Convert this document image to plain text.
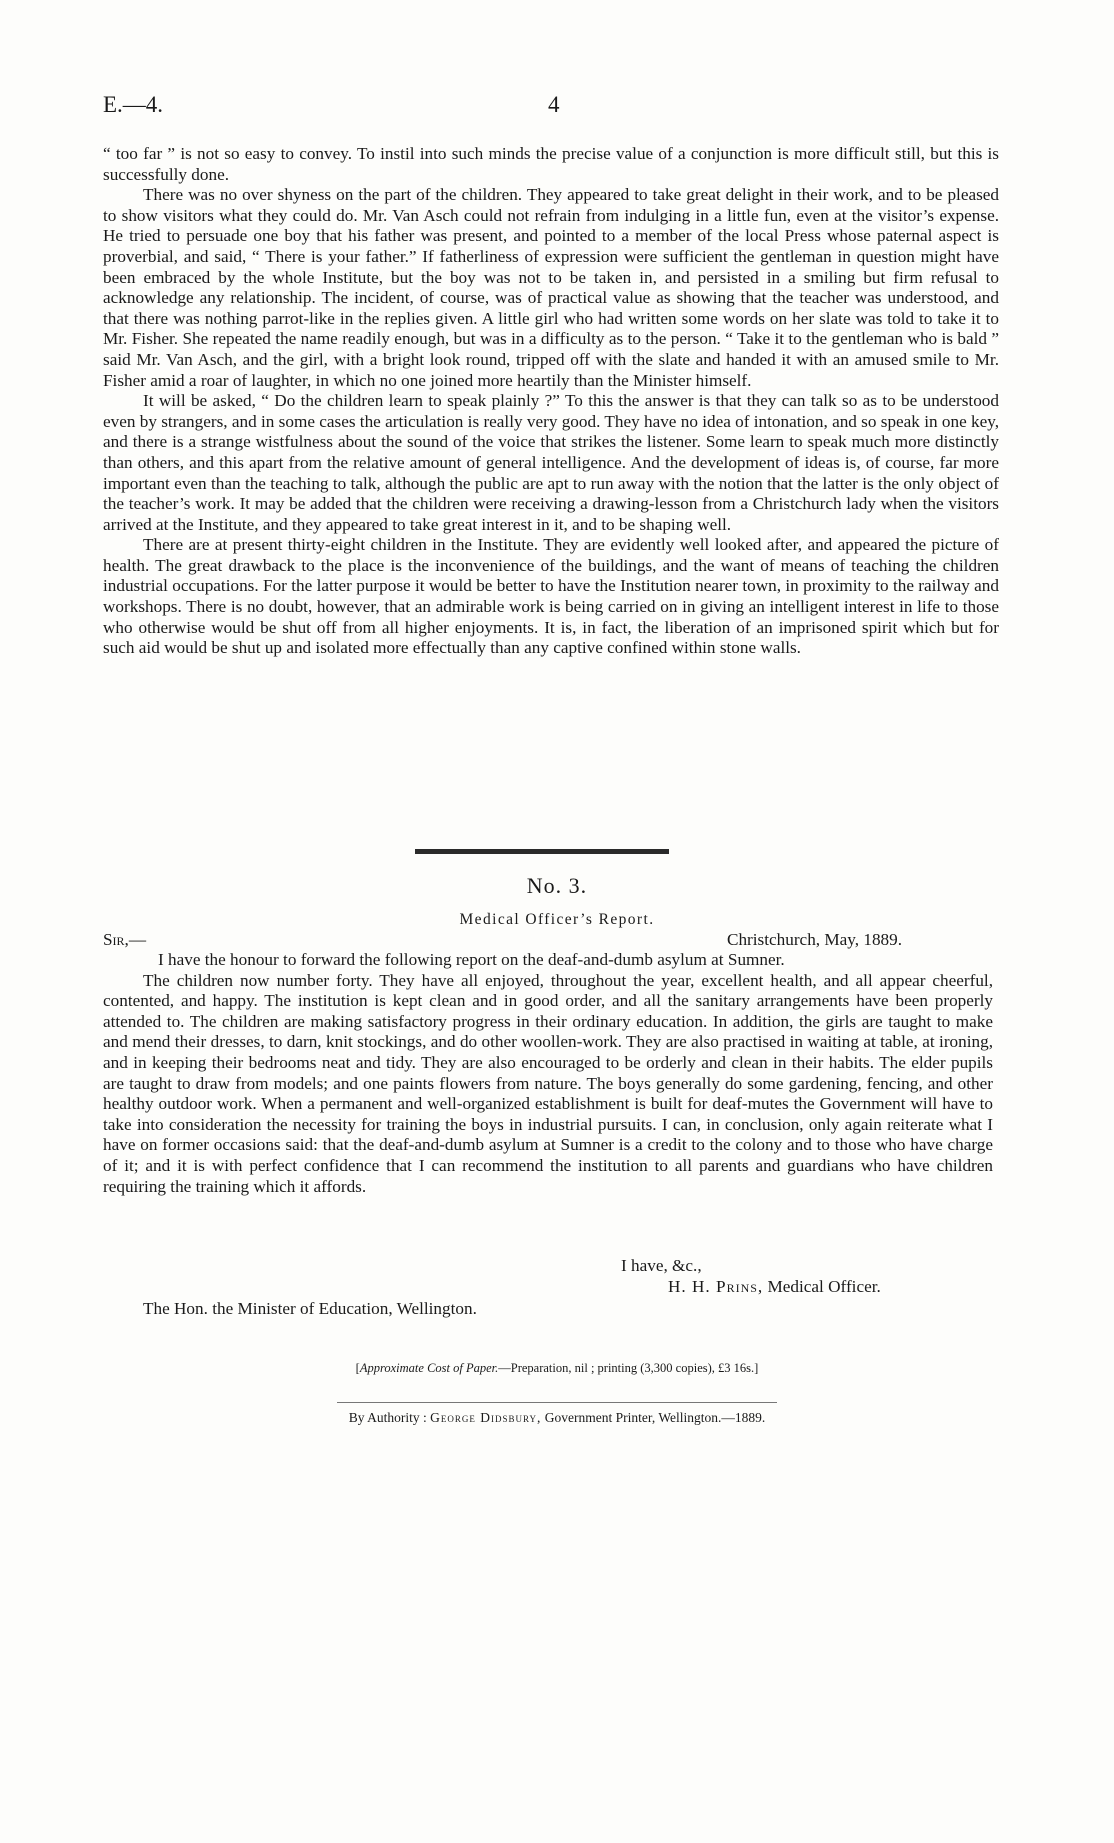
E.—4.	4

“ too far ” is not so easy to convey. To instil into such minds the precise value of a conjunction is more difficult still, but this is successfully done.

There was no over shyness on the part of the children. They appeared to take great delight in their work, and to be pleased to show visitors what they could do. Mr. Van Asch could not refrain from indulging in a little fun, even at the visitor’s expense. He tried to persuade one boy that his father was present, and pointed to a member of the local Press whose paternal aspect is proverbial, and said, “ There is your father.” If fatherliness of expression were sufficient the gentleman in question might have been embraced by the whole Institute, but the boy was not to be taken in, and persisted in a smiling but firm refusal to acknowledge any relationship. The incident, of course, was of practical value as showing that the teacher was understood, and that there was nothing parrot-like in the replies given. A little girl who had written some words on her slate was told to take it to Mr. Fisher. She repeated the name readily enough, but was in a difficulty as to the person. “ Take it to the gentleman who is bald ” said Mr. Van Asch, and the girl, with a bright look round, tripped off with the slate and handed it with an amused smile to Mr. Fisher amid a roar of laughter, in which no one joined more heartily than the Minister himself.

It will be asked, “ Do the children learn to speak plainly ?” To this the answer is that they can talk so as to be understood even by strangers, and in some cases the articulation is really very good. They have no idea of intonation, and so speak in one key, and there is a strange wistfulness about the sound of the voice that strikes the listener. Some learn to speak much more distinctly than others, and this apart from the relative amount of general intelligence. And the development of ideas is, of course, far more important even than the teaching to talk, although the public are apt to run away with the notion that the latter is the only object of the teacher’s work. It may be added that the children were receiving a drawing-lesson from a Christchurch lady when the visitors arrived at the Institute, and they appeared to take great interest in it, and to be shaping well.

There are at present thirty-eight children in the Institute. They are evidently well looked after, and appeared the picture of health. The great drawback to the place is the inconvenience of the buildings, and the want of means of teaching the children industrial occupations. For the latter purpose it would be better to have the Institution nearer town, in proximity to the railway and workshops. There is no doubt, however, that an admirable work is being carried on in giving an intelligent interest in life to those who otherwise would be shut off from all higher enjoyments. It is, in fact, the liberation of an imprisoned spirit which but for such aid would be shut up and isolated more effectually than any captive confined within stone walls.

No. 3.
Medical Officer’s Report.
Sir,—	Christchurch, May, 1889.

I have the honour to forward the following report on the deaf-and-dumb asylum at Sumner.

The children now number forty. They have all enjoyed, throughout the year, excellent health, and all appear cheerful, contented, and happy. The institution is kept clean and in good order, and all the sanitary arrangements have been properly attended to. The children are making satisfactory progress in their ordinary education. In addition, the girls are taught to make and mend their dresses, to darn, knit stockings, and do other woollen-work. They are also practised in waiting at table, at ironing, and in keeping their bedrooms neat and tidy. They are also encouraged to be orderly and clean in their habits. The elder pupils are taught to draw from models; and one paints flowers from nature. The boys generally do some gardening, fencing, and other healthy outdoor work. When a permanent and well-organized establishment is built for deaf-mutes the Government will have to take into consideration the necessity for training the boys in industrial pursuits. I can, in conclusion, only again reiterate what I have on former occasions said: that the deaf-and-dumb asylum at Sumner is a credit to the colony and to those who have charge of it; and it is with perfect confidence that I can recommend the institution to all parents and guardians who have children requiring the training which it affords.

I have, &c.,
H. H. Prins, Medical Officer.
The Hon. the Minister of Education, Wellington.
[Approximate Cost of Paper.—Preparation, nil ; printing (3,300 copies), £3 16s.]
By Authority : George Didsbury, Government Printer, Wellington.—1889.
